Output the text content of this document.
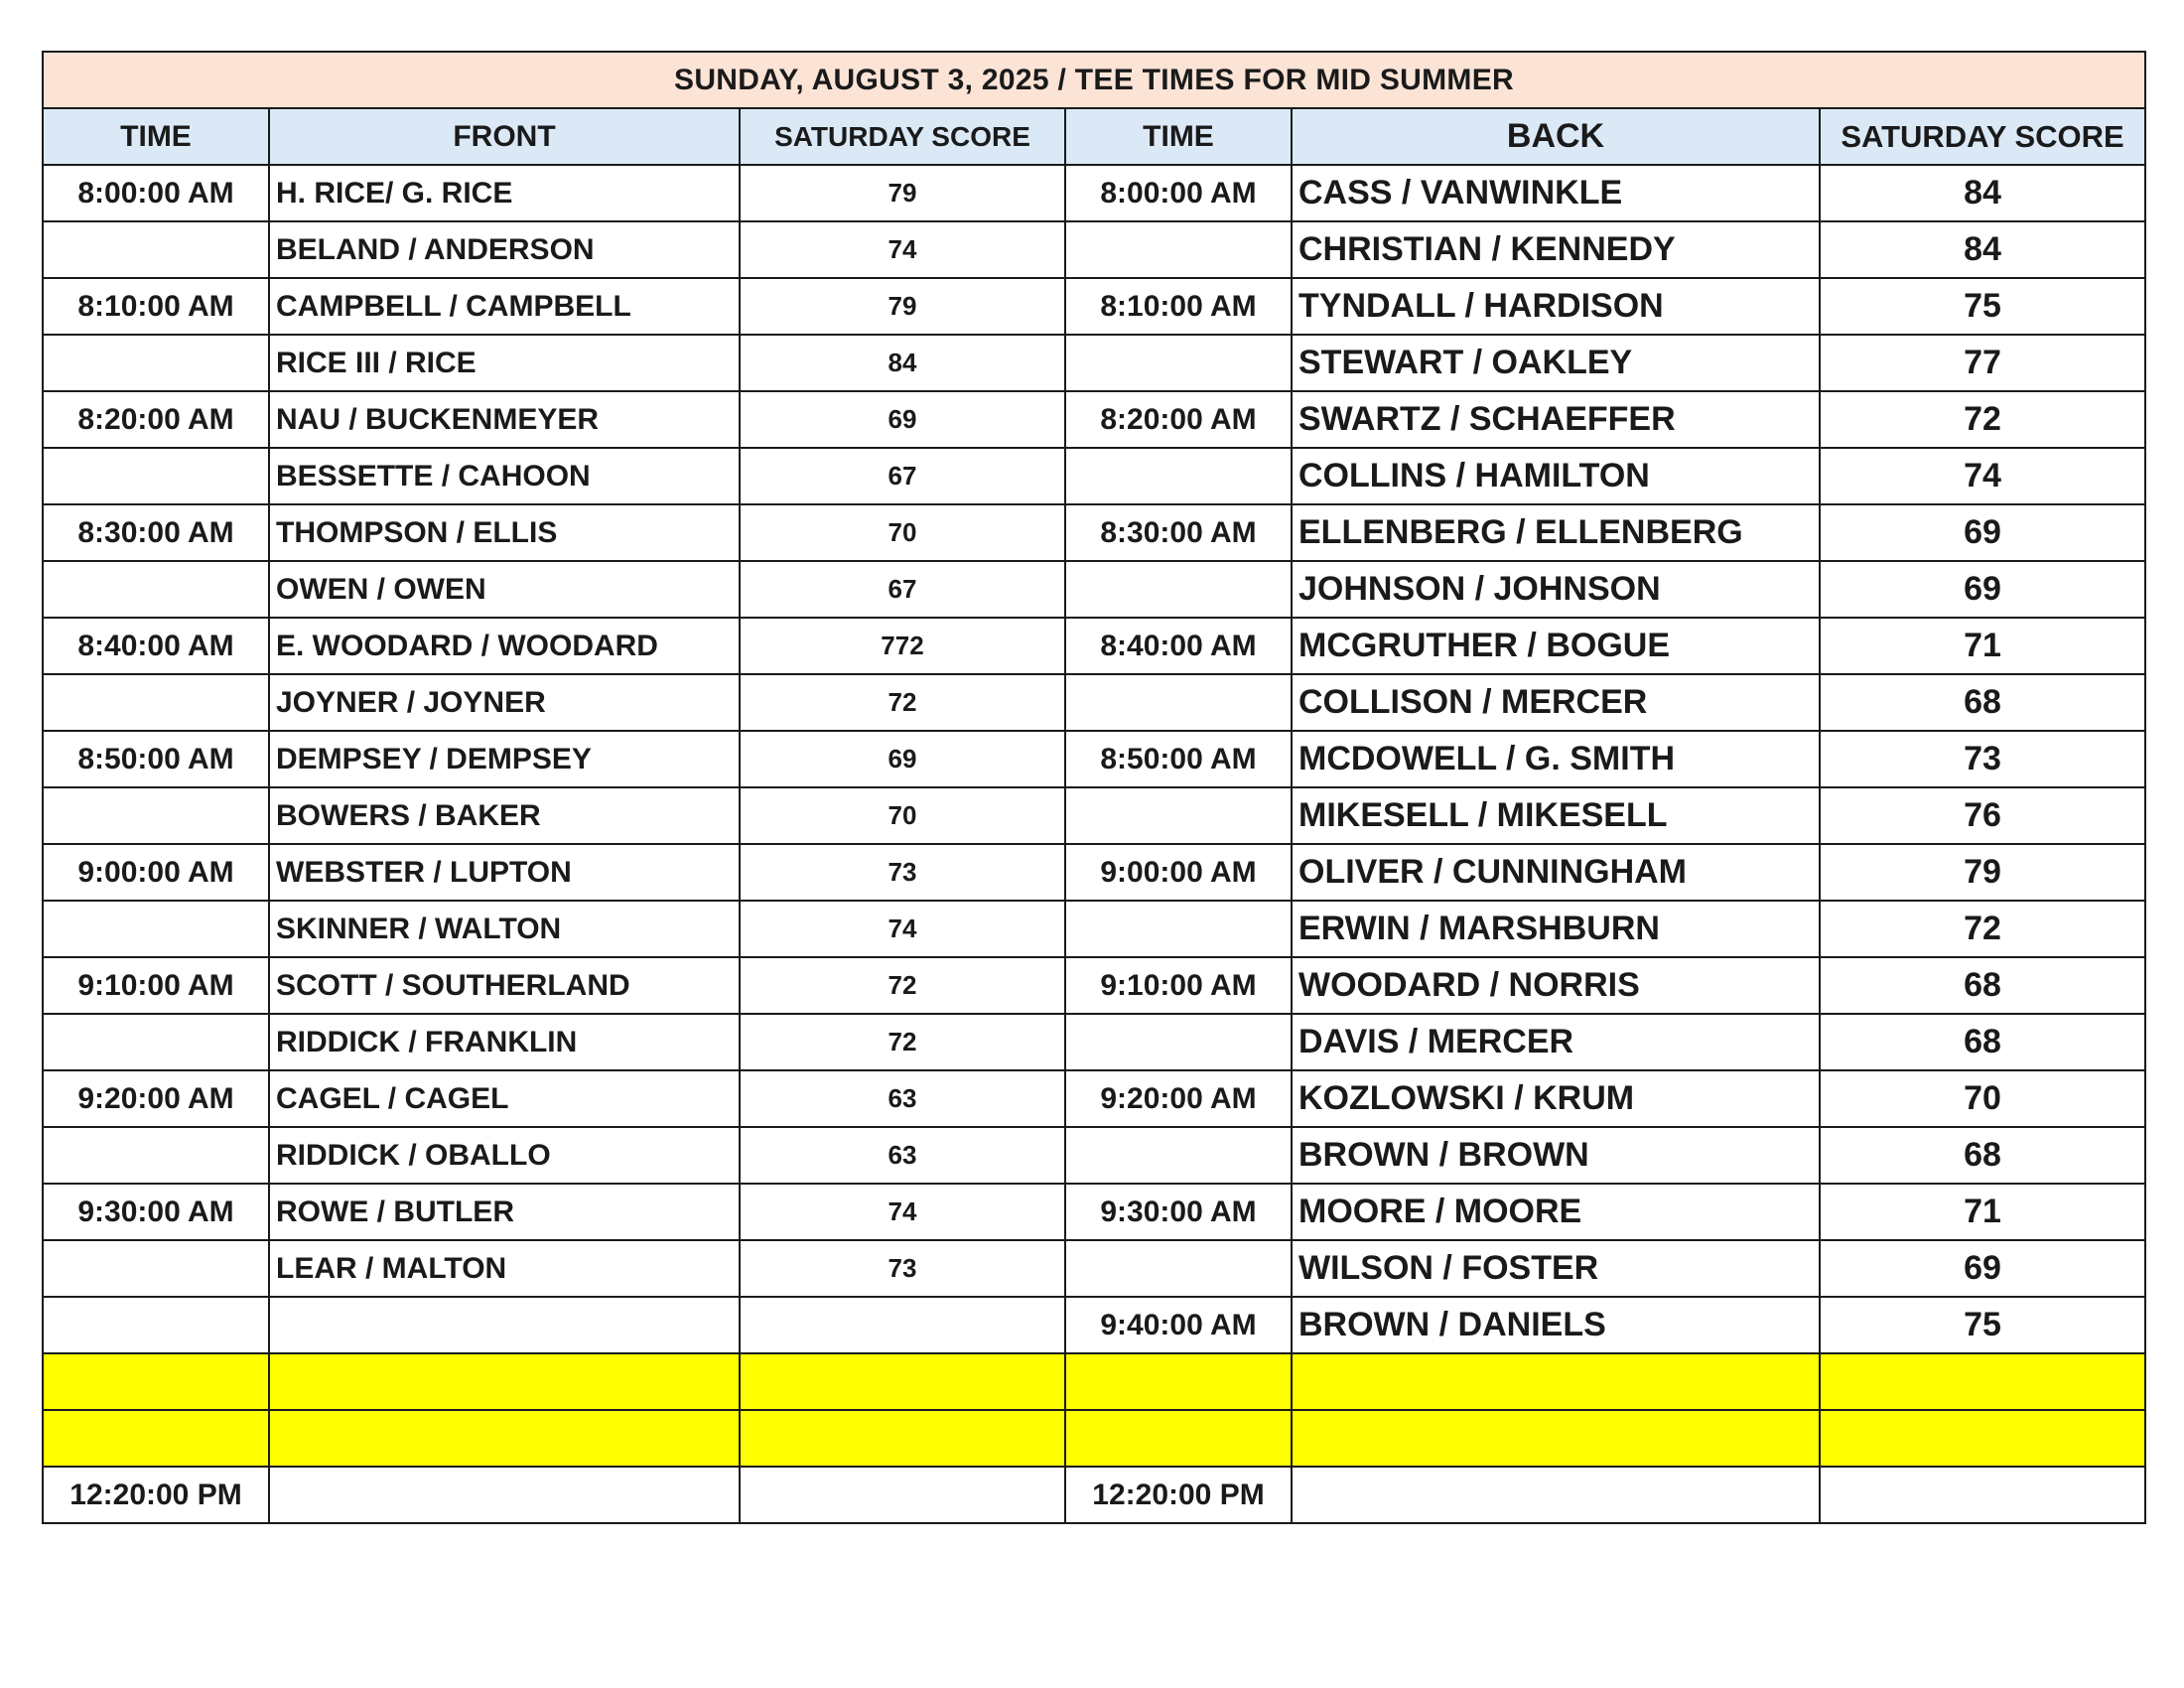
SUNDAY, AUGUST 3, 2025 / TEE TIMES FOR MID SUMMER					
TIME	FRONT	SATURDAY SCORE	TIME	BACK	SATURDAY SCORE
8:00:00 AM	H. RICE/ G. RICE	79	8:00:00 AM	CASS / VANWINKLE	84
	BELAND / ANDERSON	74		CHRISTIAN / KENNEDY	84
8:10:00 AM	CAMPBELL / CAMPBELL	79	8:10:00 AM	TYNDALL / HARDISON	75
	RICE III / RICE	84		STEWART / OAKLEY	77
8:20:00 AM	NAU / BUCKENMEYER	69	8:20:00 AM	SWARTZ / SCHAEFFER	72
	BESSETTE / CAHOON	67		COLLINS / HAMILTON	74
8:30:00 AM	THOMPSON / ELLIS	70	8:30:00 AM	ELLENBERG / ELLENBERG	69
	OWEN / OWEN	67		JOHNSON / JOHNSON	69
8:40:00 AM	E. WOODARD / WOODARD	772	8:40:00 AM	MCGRUTHER / BOGUE	71
	JOYNER / JOYNER	72		COLLISON / MERCER	68
8:50:00 AM	DEMPSEY / DEMPSEY	69	8:50:00 AM	MCDOWELL / G. SMITH	73
	BOWERS / BAKER	70		MIKESELL / MIKESELL	76
9:00:00 AM	WEBSTER / LUPTON	73	9:00:00 AM	OLIVER / CUNNINGHAM	79
	SKINNER / WALTON	74		ERWIN / MARSHBURN	72
9:10:00 AM	SCOTT / SOUTHERLAND	72	9:10:00 AM	WOODARD / NORRIS	68
	RIDDICK / FRANKLIN	72		DAVIS / MERCER	68
9:20:00 AM	CAGEL / CAGEL	63	9:20:00 AM	KOZLOWSKI / KRUM	70
	RIDDICK / OBALLO	63		BROWN / BROWN	68
9:30:00 AM	ROWE / BUTLER	74	9:30:00 AM	MOORE / MOORE	71
	LEAR / MALTON	73		WILSON / FOSTER	69
			9:40:00 AM	BROWN / DANIELS	75

12:20:00 PM			12:20:00 PM		
